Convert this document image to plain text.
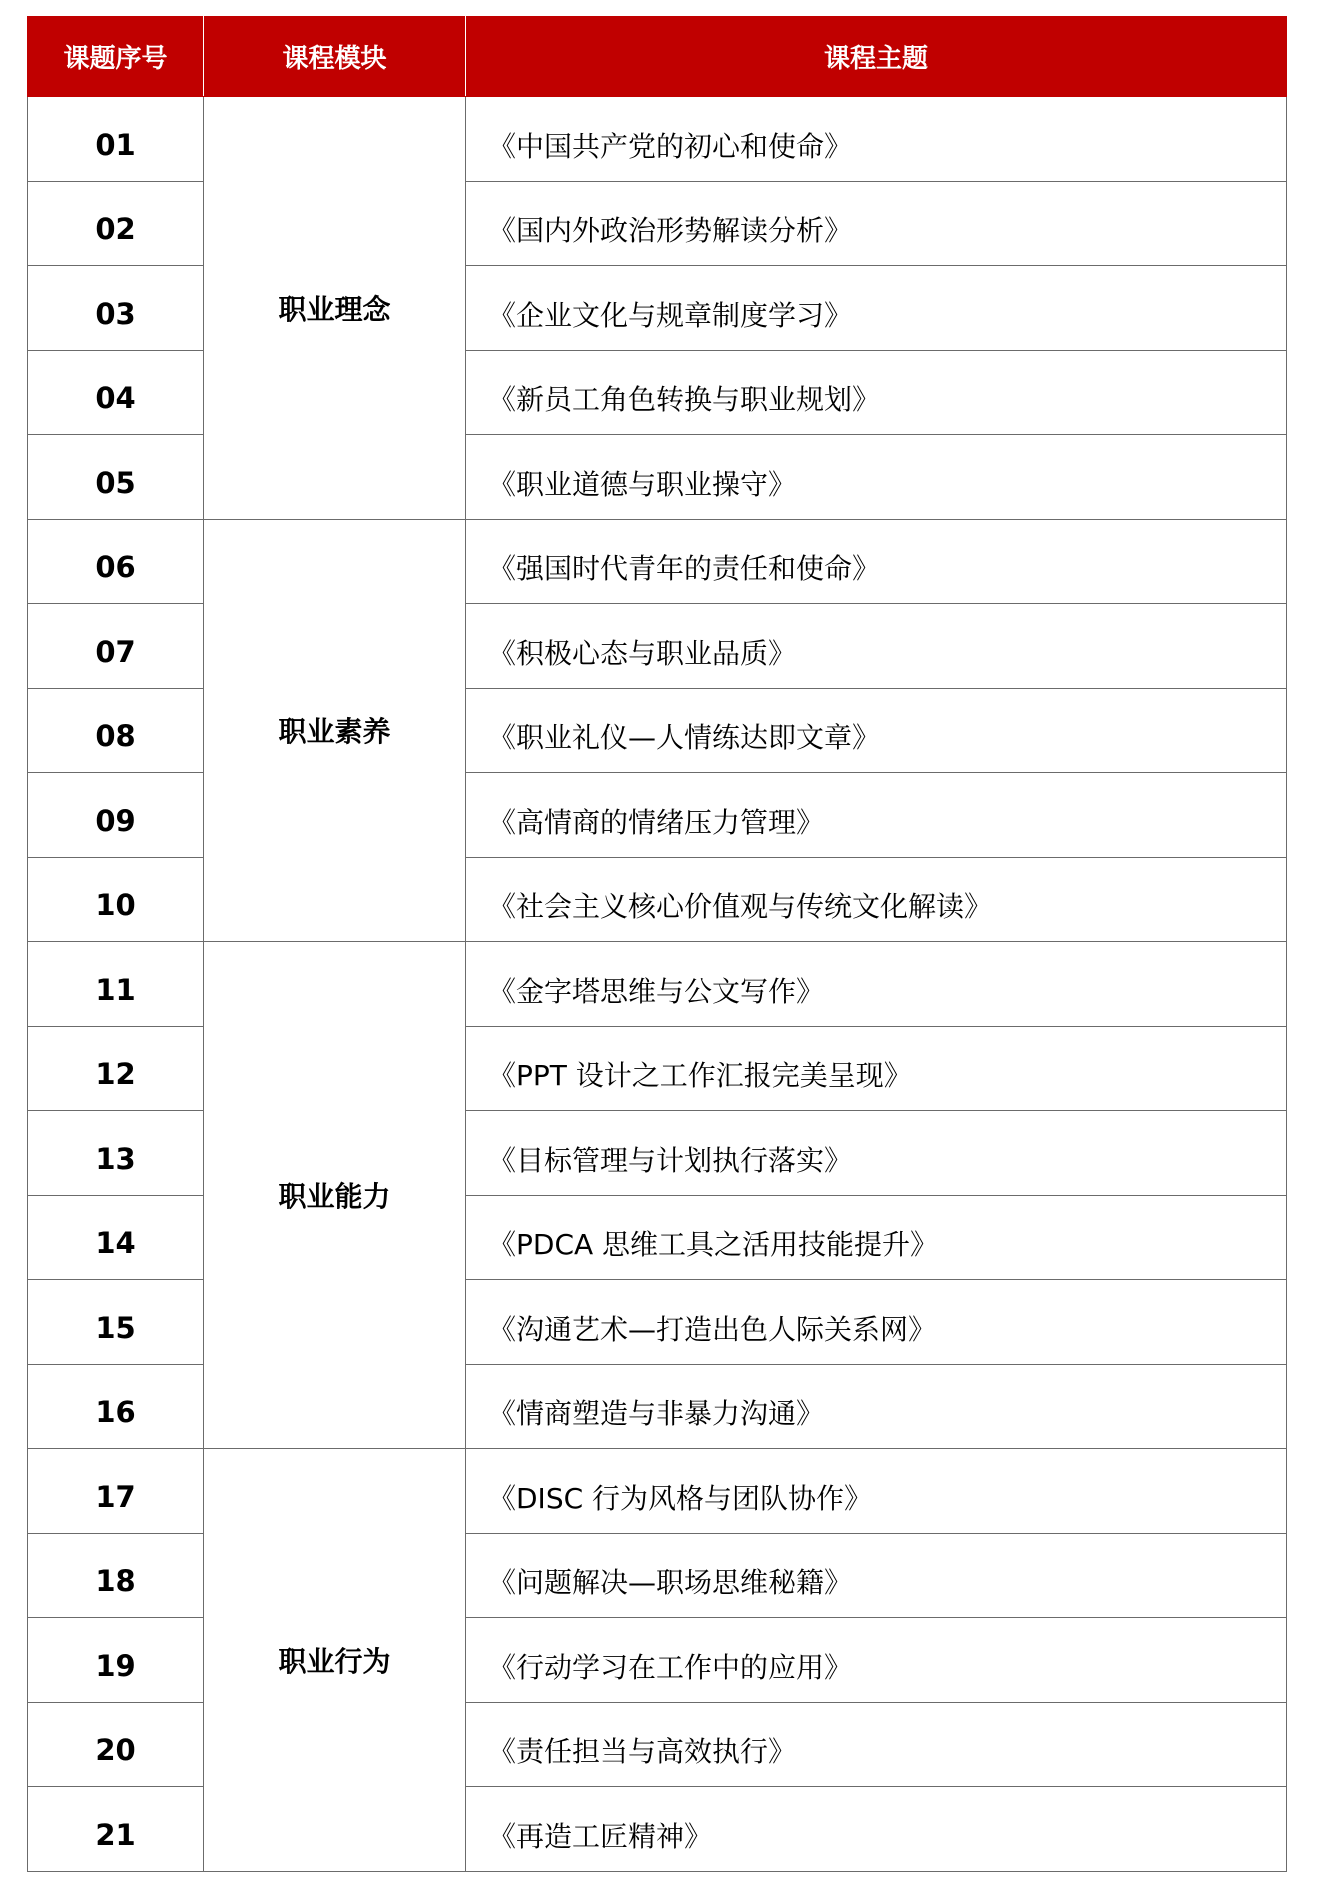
课题序号	课程模块	课程主题
01	职业理念	《中国共产党的初心和使命》
02		《国内外政治形势解读分析》
03		《企业文化与规章制度学习》
04		《新员工角色转换与职业规划》
05		《职业道德与职业操守》
06	职业素养	《强国时代青年的责任和使命》
07		《积极心态与职业品质》
08		《职业礼仪—人情练达即文章》
09		《高情商的情绪压力管理》
10		《社会主义核心价值观与传统文化解读》
11	职业能力	《金字塔思维与公文写作》
12		《PPT 设计之工作汇报完美呈现》
13		《目标管理与计划执行落实》
14		《PDCA 思维工具之活用技能提升》
15		《沟通艺术—打造出色人际关系网》
16		《情商塑造与非暴力沟通》
17	职业行为	《DISC 行为风格与团队协作》
18		《问题解决—职场思维秘籍》
19		《行动学习在工作中的应用》
20		《责任担当与高效执行》
21		《再造工匠精神》
